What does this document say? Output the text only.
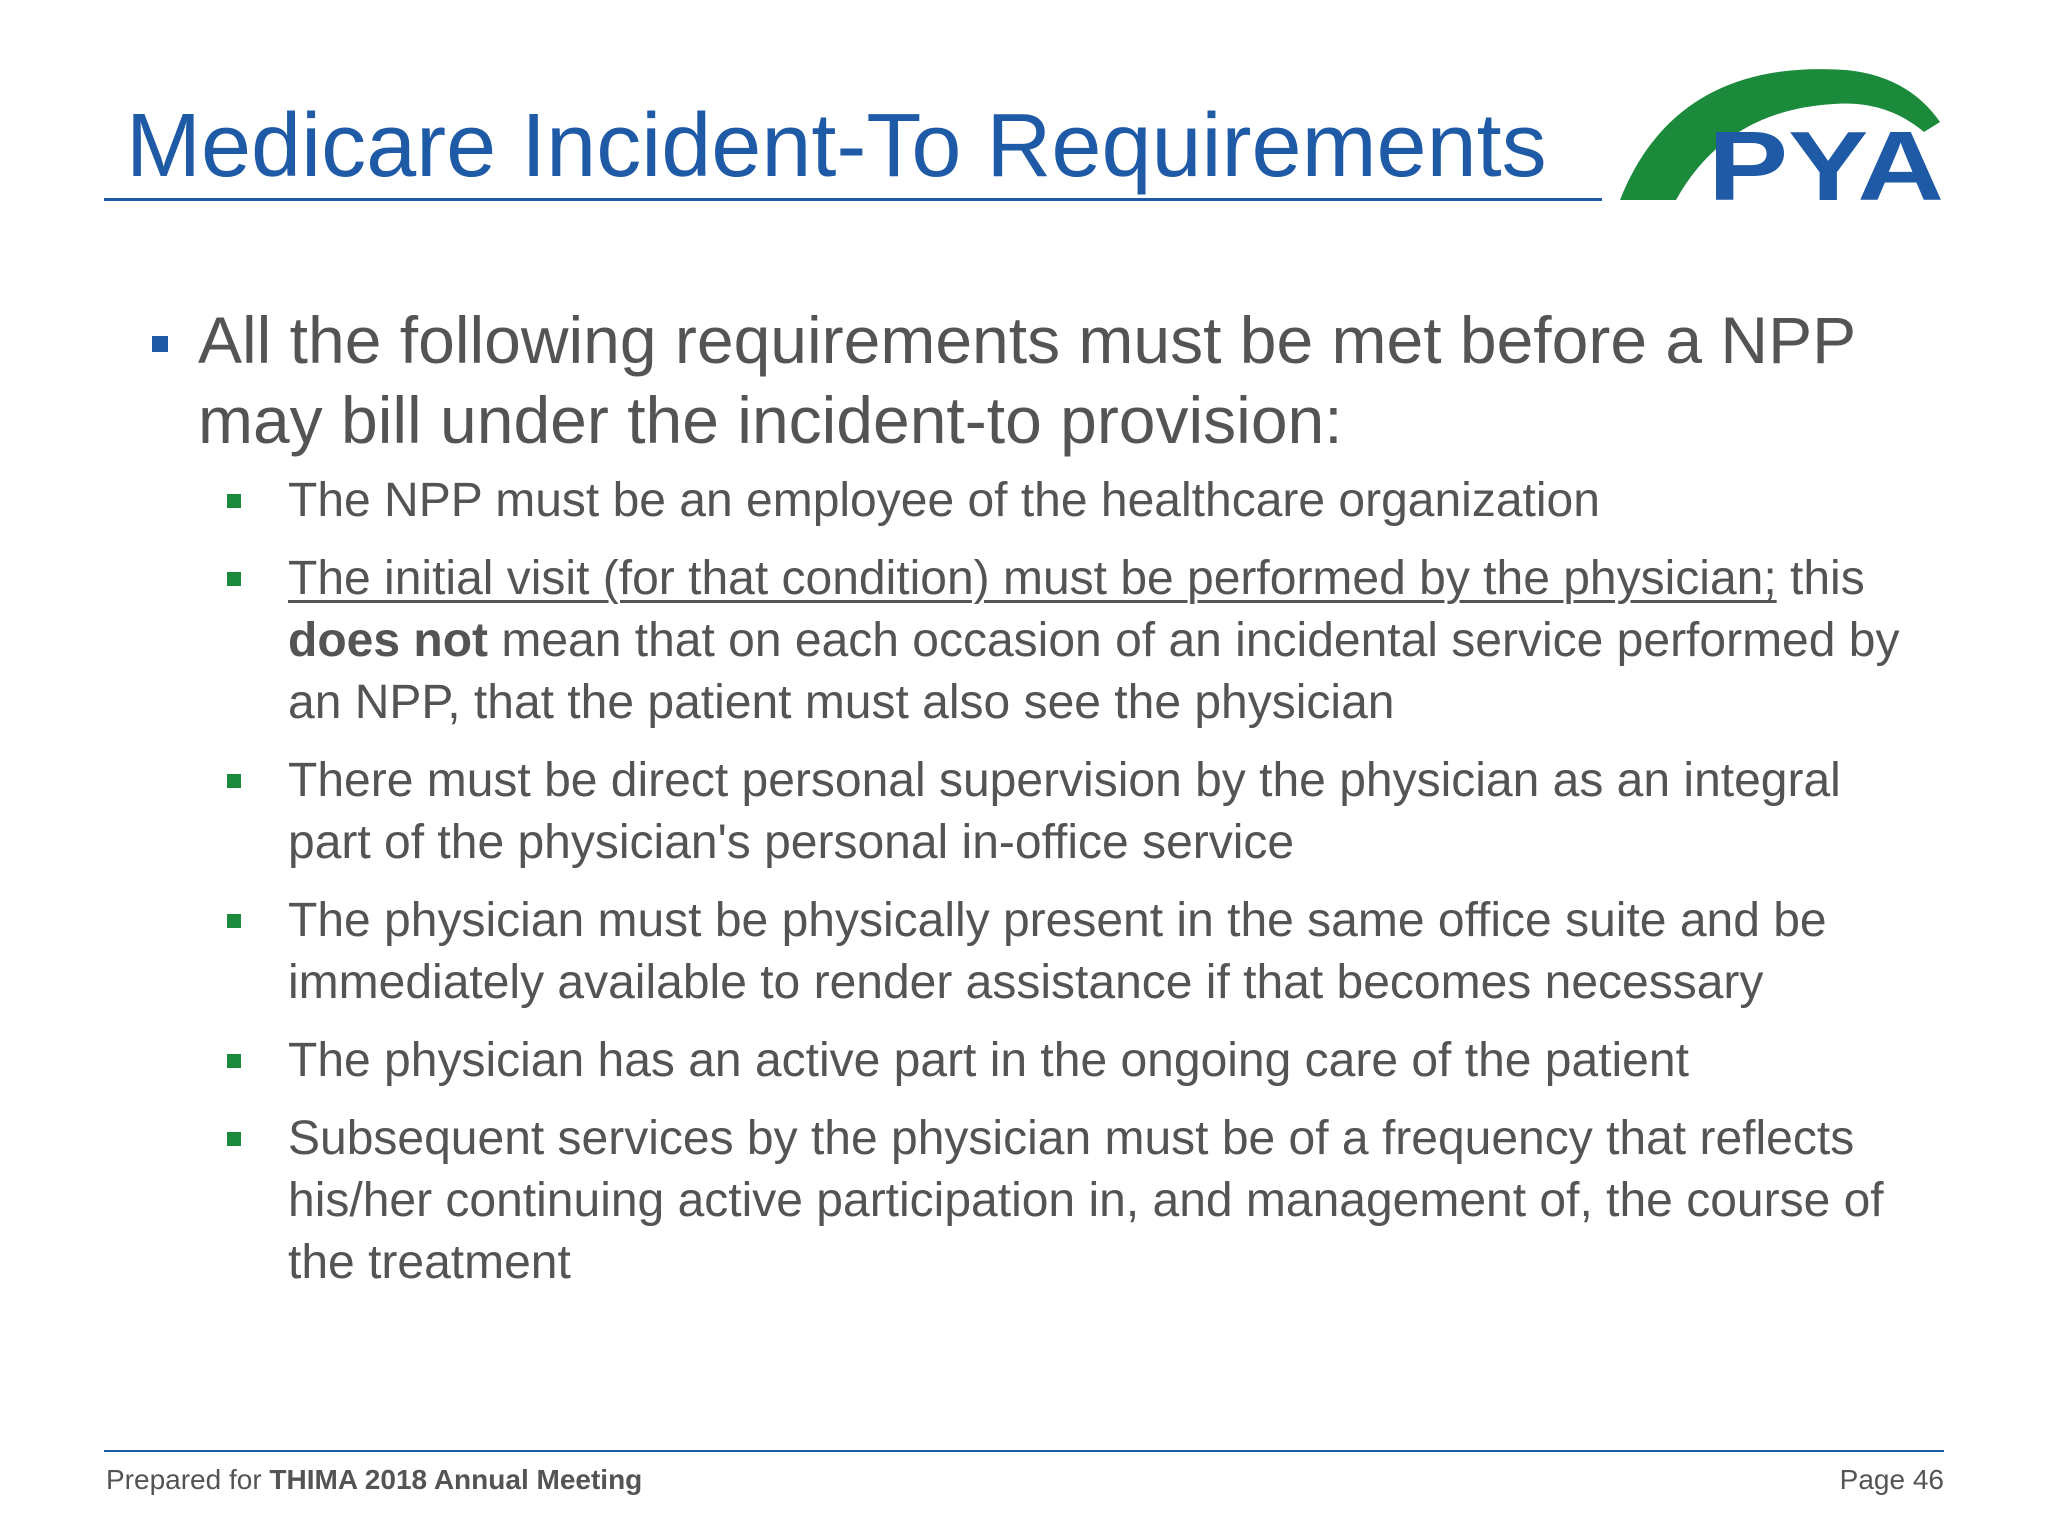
Medicare Incident-To Requirements PYA

All the following requirements must be met before a NPP may bill under the incident-to provision:

The NPP must be an employee of the healthcare organization

The initial visit (for that condition) must be performed by the physician; this does not mean that on each occasion of an incidental service performed by an NPP, that the patient must also see the physician

There must be direct personal supervision by the physician as an integral part of the physician's personal in-office service

The physician must be physically present in the same office suite and be immediately available to render assistance if that becomes necessary

The physician has an active part in the ongoing care of the patient

Subsequent services by the physician must be of a frequency that reflects his/her continuing active participation in, and management of, the course of the treatment

Prepared for THIMA 2018 Annual Meeting	Page 46
